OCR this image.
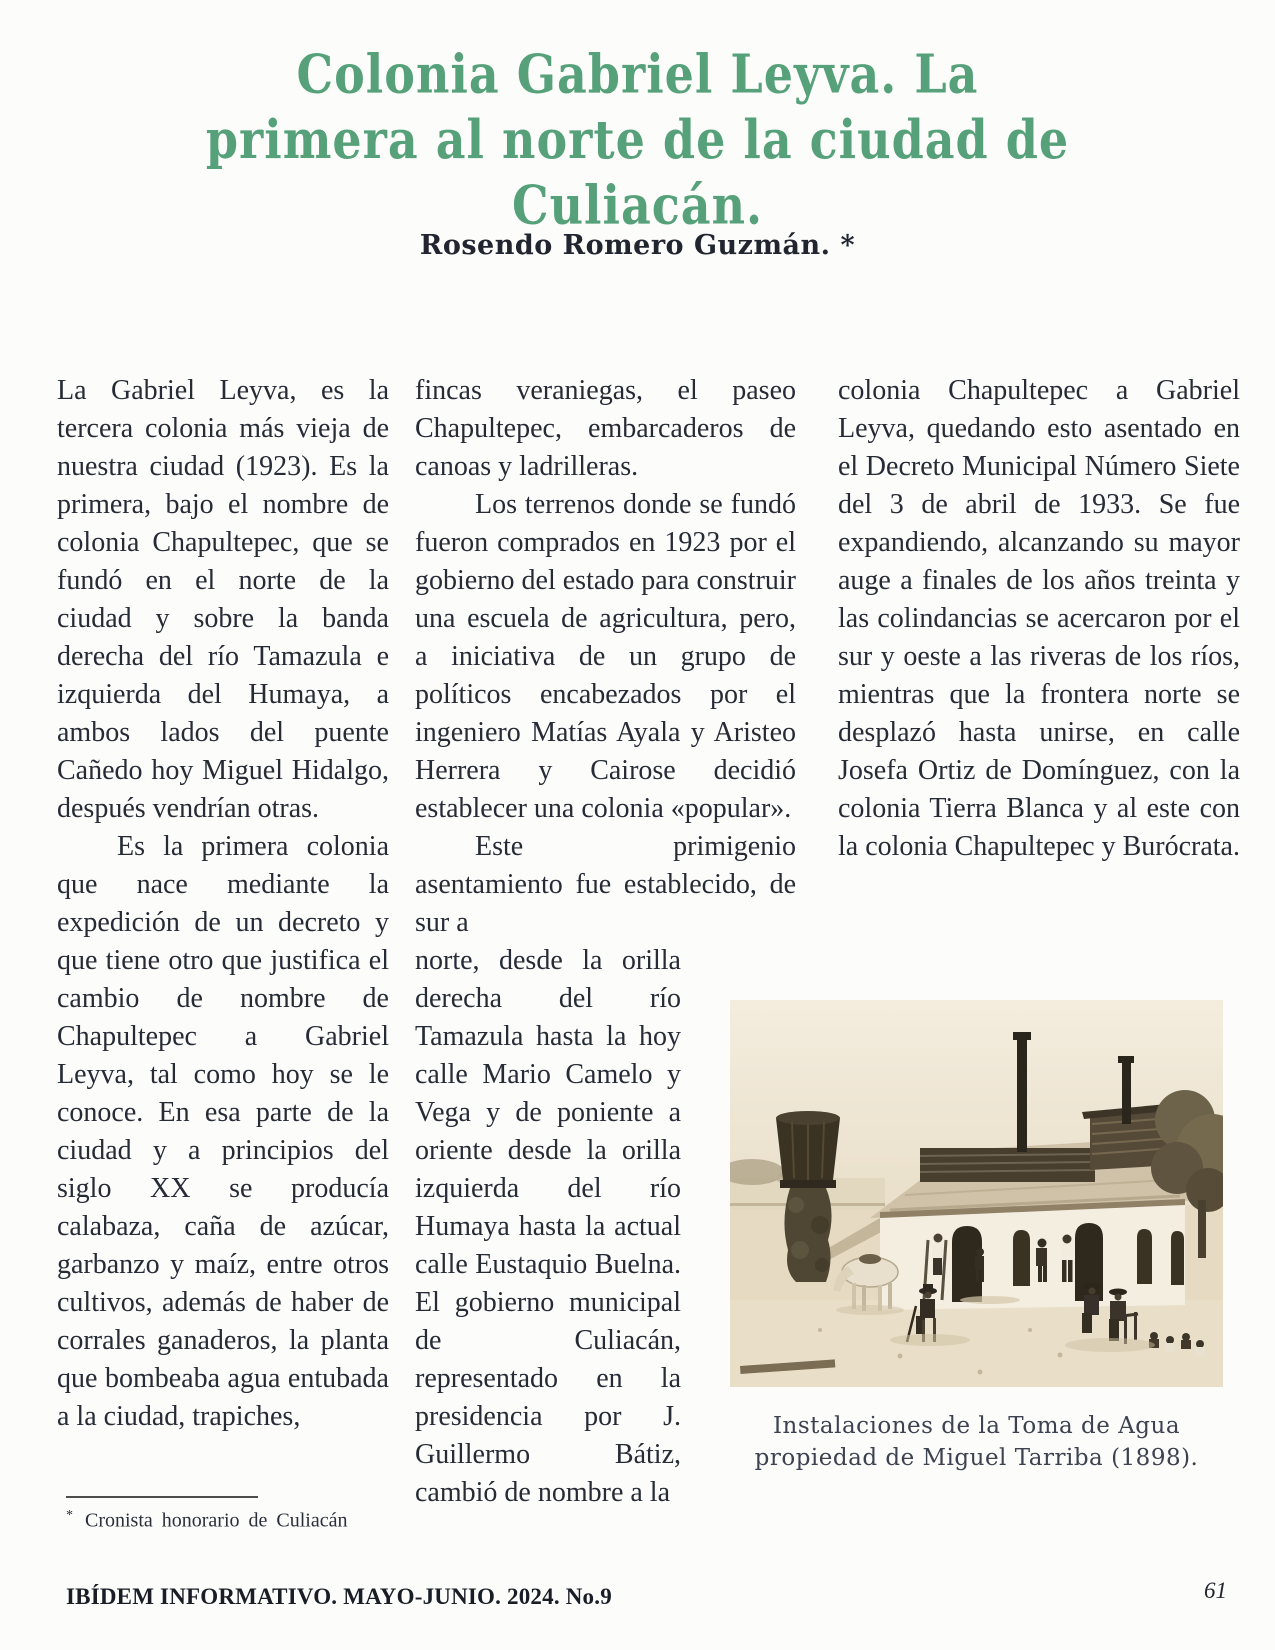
Colonia Gabriel Leyva. La
primera al norte de la ciudad de
Culiacán.
Rosendo Romero Guzmán. *

La Gabriel Leyva, es la tercera colonia más vieja de nuestra ciudad (1923). Es la primera, bajo el nombre de colonia Chapultepec, que se fundó en el norte de la ciudad y sobre la banda derecha del río Tamazula e izquierda del Humaya, a ambos lados del puente Cañedo hoy Miguel Hidalgo, después vendrían otras.

Es la primera colonia que nace mediante la expedición de un decreto y que tiene otro que justifica el cambio de nombre de Chapultepec a Gabriel Leyva, tal como hoy se le conoce. En esa parte de la ciudad y a principios del siglo XX se producía calabaza, caña de azúcar, garbanzo y maíz, entre otros cultivos, además de haber de corrales ganaderos, la planta que bombeaba agua entubada a la ciudad, trapiches,

fincas veraniegas, el paseo Chapultepec, embarcaderos de canoas y ladrilleras.

Los terrenos donde se fundó fueron comprados en 1923 por el gobierno del estado para construir una escuela de agricultura, pero, a iniciativa de un grupo de políticos encabezados por el ingeniero Matías Ayala y Aristeo Herrera y Cairose decidió establecer una colonia «popular».

Este primigenio asentamiento fue establecido, de sur a

norte, desde la orilla derecha del río Tamazula hasta la hoy calle Mario Camelo y Vega y de poniente a oriente desde la orilla izquierda del río Humaya hasta la actual calle Eustaquio Buelna. El gobierno municipal de Culiacán, representado en la presidencia por J. Guillermo Bátiz, cambió de nombre a la

colonia Chapultepec a Gabriel Leyva, quedando esto asentado en el Decreto Municipal Número Siete del 3 de abril de 1933. Se fue expandiendo, alcanzando su mayor auge a finales de los años treinta y las colindancias se acercaron por el sur y oeste a las riveras de los ríos, mientras que la frontera norte se desplazó hasta unirse, en calle Josefa Ortiz de Domínguez, con la colonia Tierra Blanca y al este con la colonia Chapultepec y Burócrata.

Instalaciones de la Toma de Agua
propiedad de Miguel Tarriba (1898).
* Cronista honorario de Culiacán
IBÍDEM INFORMATIVO. MAYO-JUNIO. 2024. No.9	61
